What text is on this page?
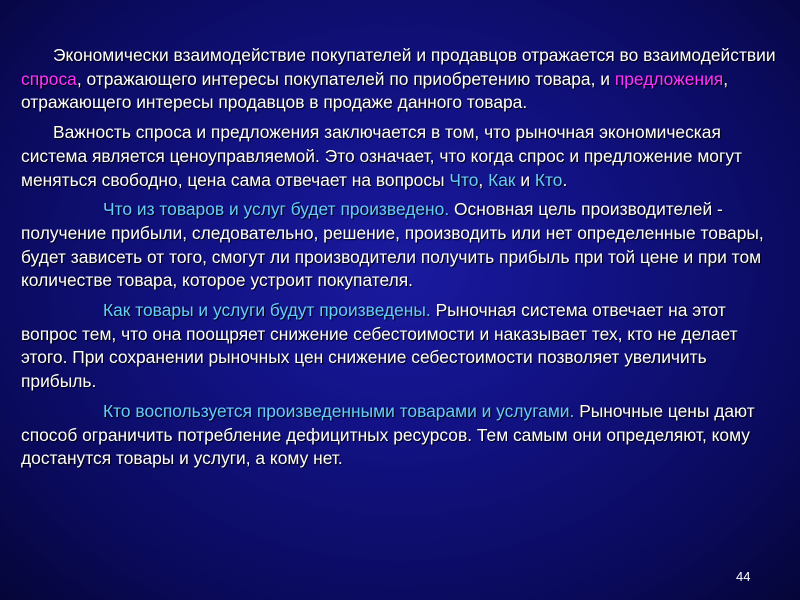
Экономически взаимодействие покупателей и продавцов отражается во взаимодействии спроса, отражающего интересы покупателей по приобретению товара, и предложения, отражающего интересы продавцов в продаже данного товара.

Важность спроса и предложения заключается в том, что рыночная экономическая система является ценоуправляемой. Это означает, что когда спрос и предложение могут меняться свободно, цена сама отвечает на вопросы Что, Как и Кто.

Что из товаров и услуг будет произведено. Основная цель производителей - получение прибыли, следовательно, решение, производить или нет определенные товары, будет зависеть от того, смогут ли производители получить прибыль при той цене и при том количестве товара, которое устроит покупателя.

Как товары и услуги будут произведены. Рыночная система отвечает на этот вопрос тем, что она поощряет снижение себестоимости и наказывает тех, кто не делает этого. При сохранении рыночных цен снижение себестоимости позволяет увеличить прибыль.

Кто воспользуется произведенными товарами и услугами. Рыночные цены дают способ ограничить потребление дефицитных ресурсов. Тем самым они определяют, кому достанутся товары и услуги, а кому нет.

44
